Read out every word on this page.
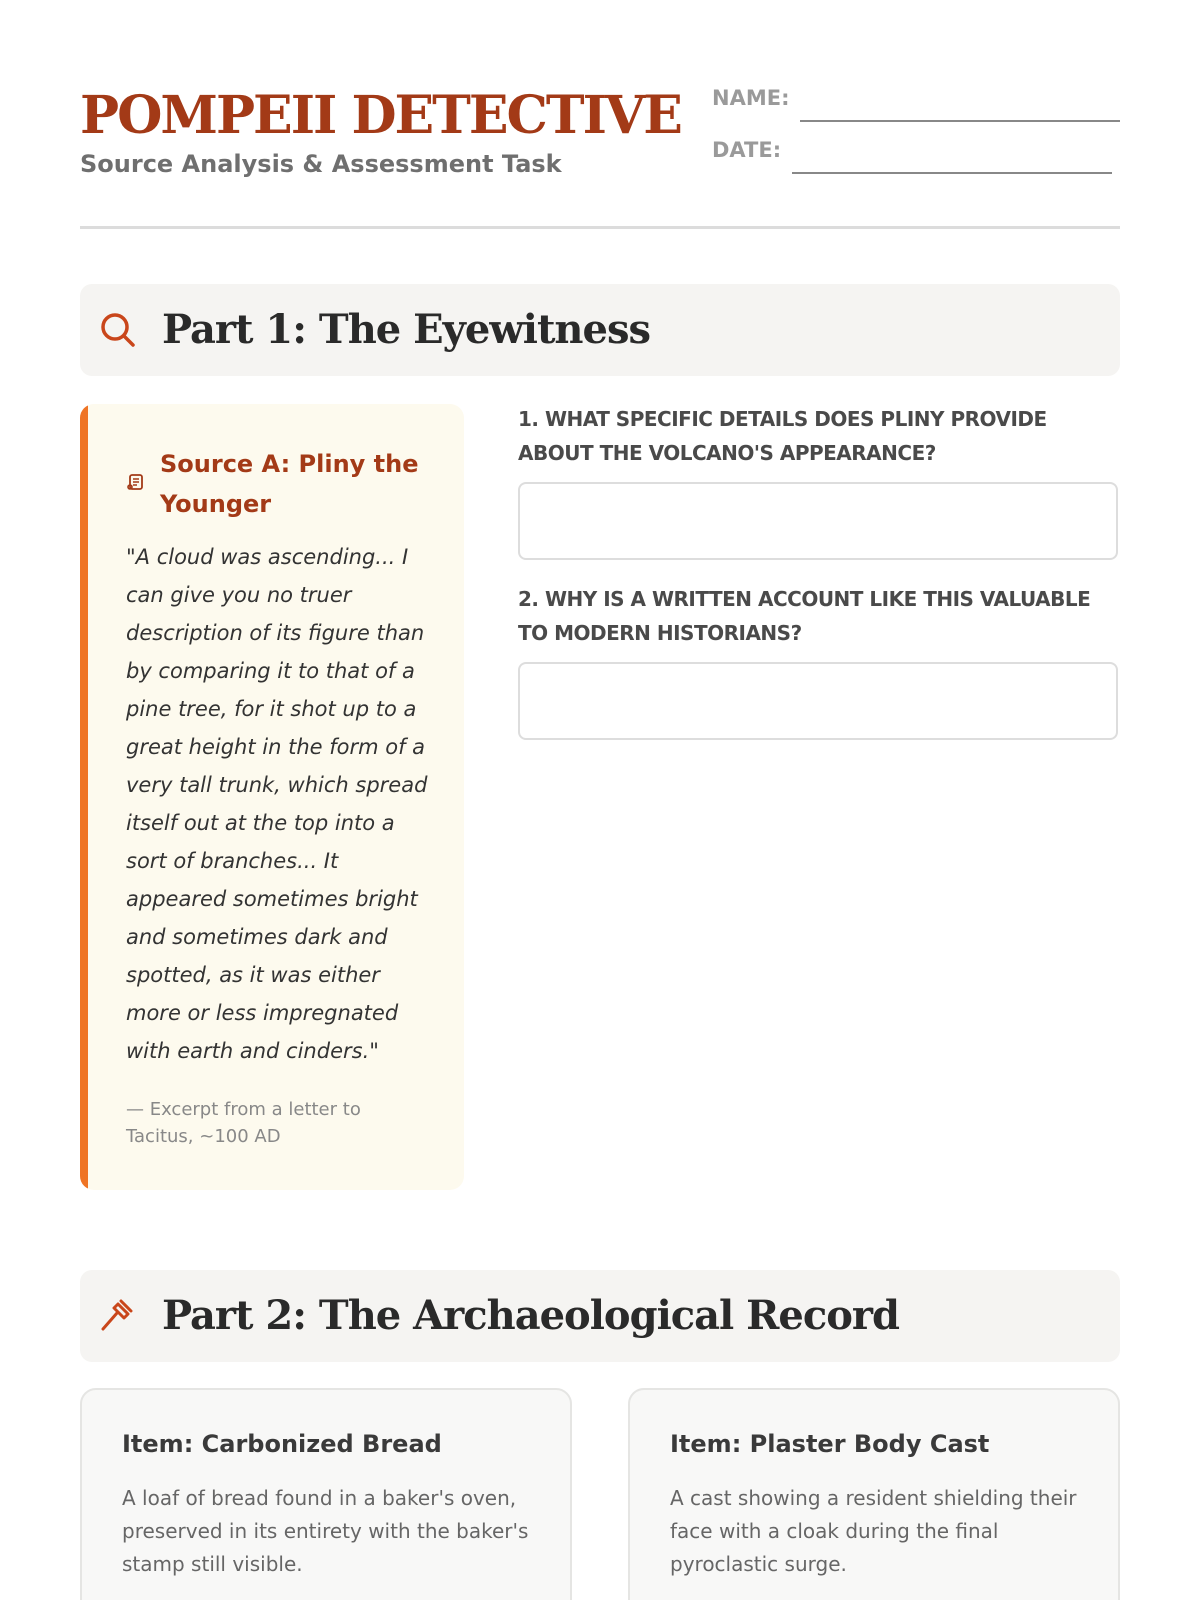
POMPEII DETECTIVE
Source Analysis & Assessment Task
NAME:
DATE:
Part 1: The Eyewitness
Source A: Pliny the Younger
"A cloud was ascending... I can give you no truer description of its figure than by comparing it to that of a pine tree, for it shot up to a great height in the form of a very tall trunk, which spread itself out at the top into a sort of branches... It appeared sometimes bright and sometimes dark and spotted, as it was either more or less impregnated with earth and cinders."
— Excerpt from a letter to Tacitus, ~100 AD

1. WHAT SPECIFIC DETAILS DOES PLINY PROVIDE ABOUT THE VOLCANO'S APPEARANCE?

2. WHY IS A WRITTEN ACCOUNT LIKE THIS VALUABLE TO MODERN HISTORIANS?

Part 2: The Archaeological Record
Item: Carbonized Bread
A loaf of bread found in a baker's oven, preserved in its entirety with the baker's stamp still visible.
Item: Plaster Body Cast
A cast showing a resident shielding their face with a cloak during the final pyroclastic surge.
